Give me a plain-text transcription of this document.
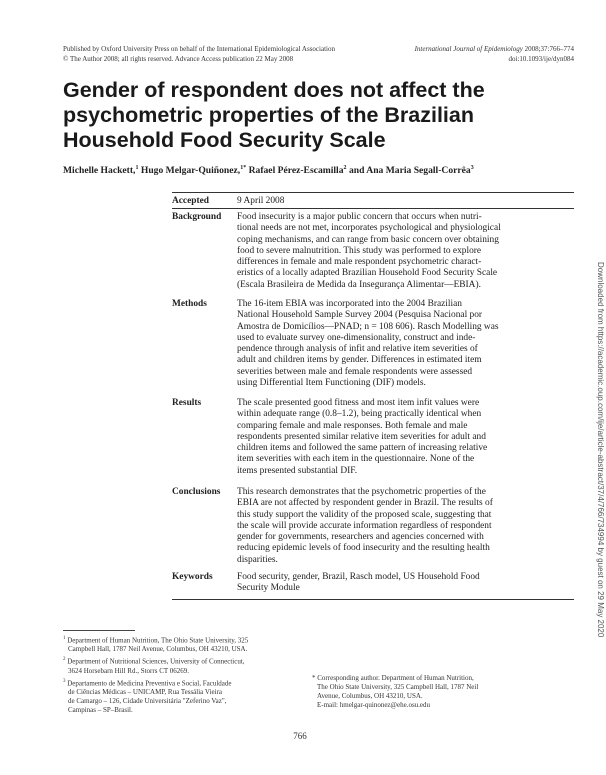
Published by Oxford University Press on behalf of the International Epidemiological Association
© The Author 2008; all rights reserved. Advance Access publication 22 May 2008
International Journal of Epidemiology 2008;37:766–774
doi:10.1093/ije/dyn084
Gender of respondent does not affect the psychometric properties of the Brazilian Household Food Security Scale
Michelle Hackett,$^1$ Hugo Melgar-Quiñonez,$^{1*}$ Rafael Pérez-Escamilla$^2$ and Ana Maria Segall-Corrêa$^3$
Accepted	9 April 2008
Background	Food insecurity is a major public concern that occurs when nutri-
tional needs are not met, incorporates psychological and physiological
coping mechanisms, and can range from basic concern over obtaining
food to severe malnutrition. This study was performed to explore
differences in female and male respondent psychometric charact-
eristics of a locally adapted Brazilian Household Food Security Scale
(Escala Brasileira de Medida da Insegurança Alimentar—EBIA).
Methods	The 16-item EBIA was incorporated into the 2004 Brazilian
National Household Sample Survey 2004 (Pesquisa Nacional por
Amostra de Domicílios—PNAD; n = 108 606). Rasch Modelling was
used to evaluate survey one-dimensionality, construct and inde-
pendence through analysis of infit and relative item severities of
adult and children items by gender. Differences in estimated item
severities between male and female respondents were assessed
using Differential Item Functioning (DIF) models.
Results	The scale presented good fitness and most item infit values were
within adequate range (0.8–1.2), being practically identical when
comparing female and male responses. Both female and male
respondents presented similar relative item severities for adult and
children items and followed the same pattern of increasing relative
item severities with each item in the questionnaire. None of the
items presented substantial DIF.
Conclusions	This research demonstrates that the psychometric properties of the
EBIA are not affected by respondent gender in Brazil. The results of
this study support the validity of the proposed scale, suggesting that
the scale will provide accurate information regardless of respondent
gender for governments, researchers and agencies concerned with
reducing epidemic levels of food insecurity and the resulting health
disparities.
Keywords	Food security, gender, Brazil, Rasch model, US Household Food
Security Module
$^1$ Department of Human Nutrition, The Ohio State University, 325
Campbell Hall, 1787 Neil Avenue, Columbus, OH 43210, USA.
$^2$ Department of Nutritional Sciences, University of Connecticut,
3624 Horsebarn Hill Rd., Storrs CT 06269.
$^3$ Departamento de Medicina Preventiva e Social, Faculdade
de Ciências Médicas – UNICAMP, Rua Tessália Vieira
de Camargo – 126, Cidade Universitária "Zeferino Vaz",
Campinas – SP–Brasil.
* Corresponding author. Department of Human Nutrition,
The Ohio State University, 325 Campbell Hall, 1787 Neil
Avenue, Columbus, OH 43210, USA.
E-mail: hmelgar-quinonez@ehe.osu.edu
Downloaded from https://academic.oup.com/ije/article-abstract/37/4/766/734994 by guest on 29 May 2020
766
